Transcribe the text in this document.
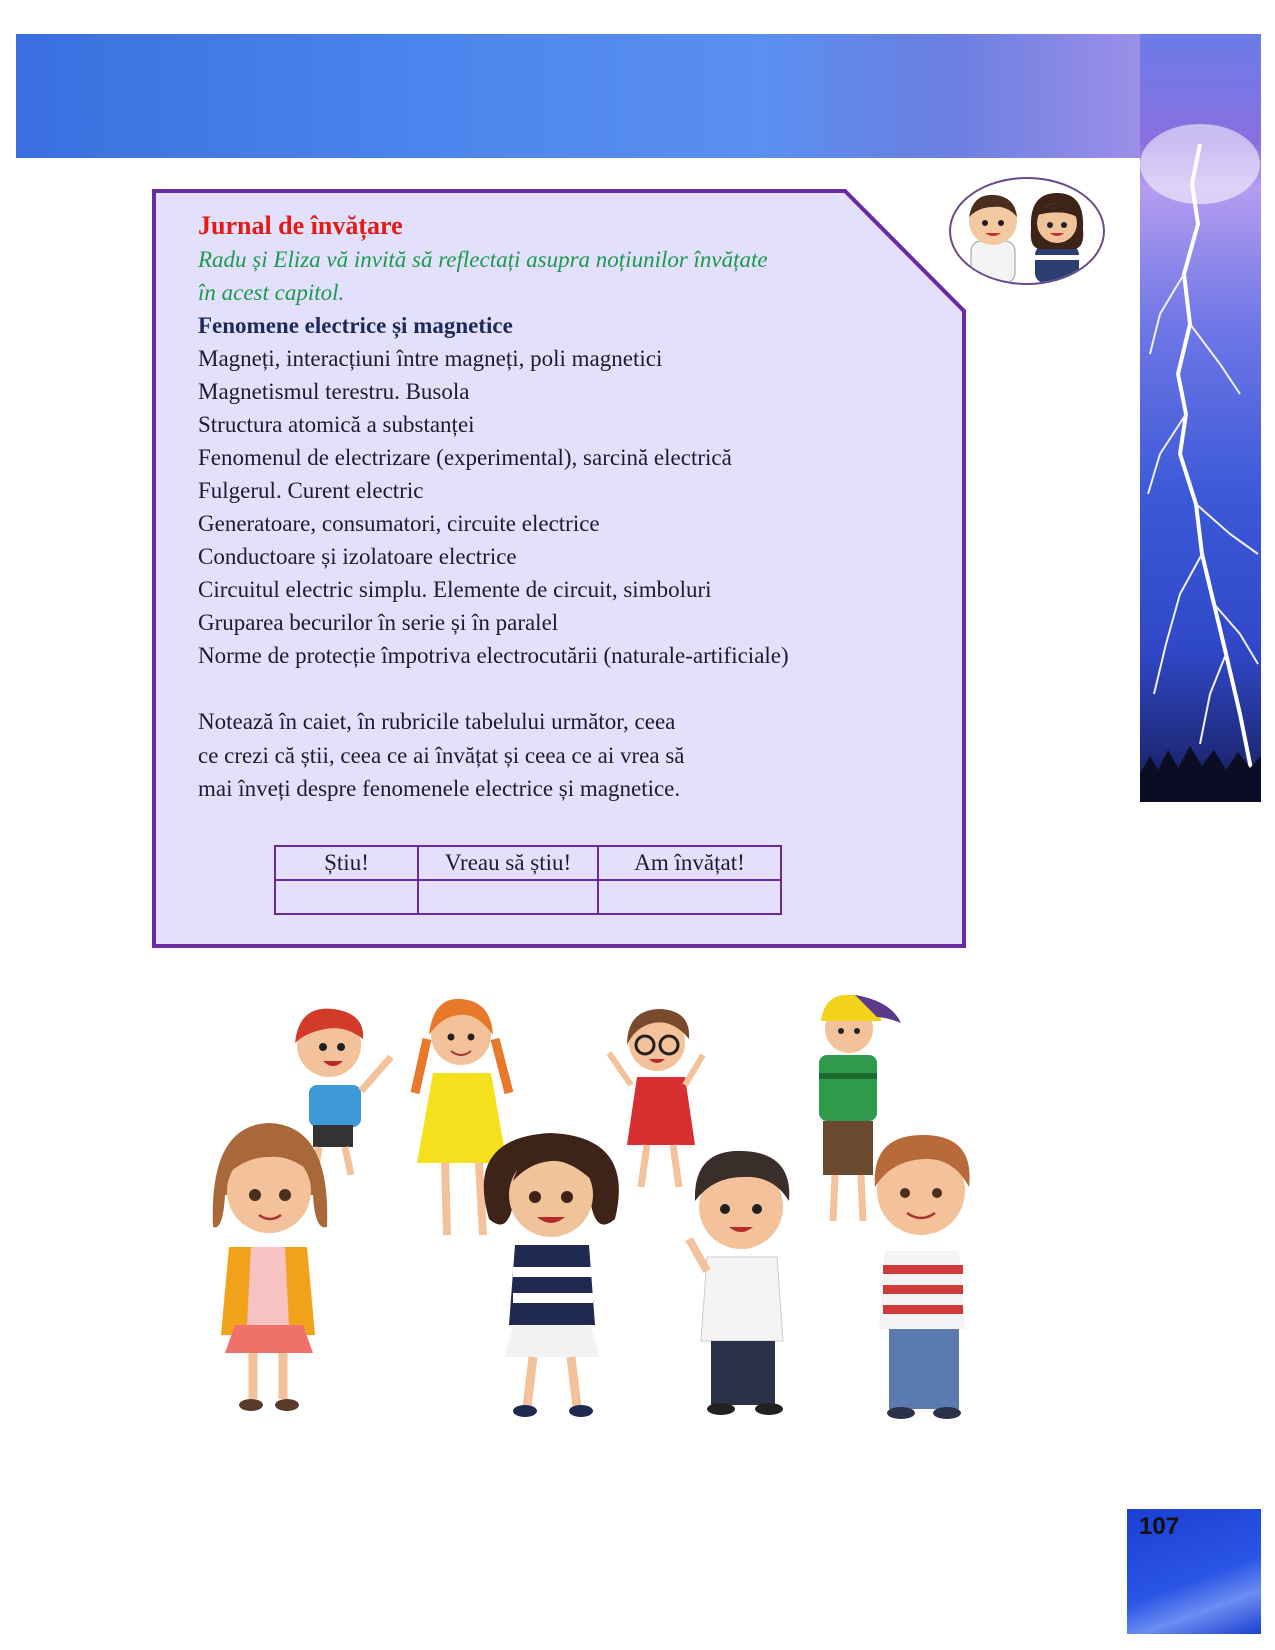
Jurnal de învățare
Radu și Eliza vă invită să reflectați asupra noțiunilor învățate
în acest capitol.
Fenomene electrice și magnetice
Magneți, interacțiuni între magneți, poli magnetici
Magnetismul terestru. Busola
Structura atomică a substanței
Fenomenul de electrizare (experimental), sarcină electrică
Fulgerul. Curent electric
Generatoare, consumatori, circuite electrice
Conductoare și izolatoare electrice
Circuitul electric simplu. Elemente de circuit, simboluri
Gruparea becurilor în serie și în paralel
Norme de protecție împotriva electrocutării (naturale-artificiale)
Notează în caiet, în rubricile tabelului următor, ceea
ce crezi că știi, ceea ce ai învățat și ceea ce ai vrea să
mai înveți despre fenomenele electrice și magnetice.
Știu!	Vreau să știu!	Am învățat!

107
